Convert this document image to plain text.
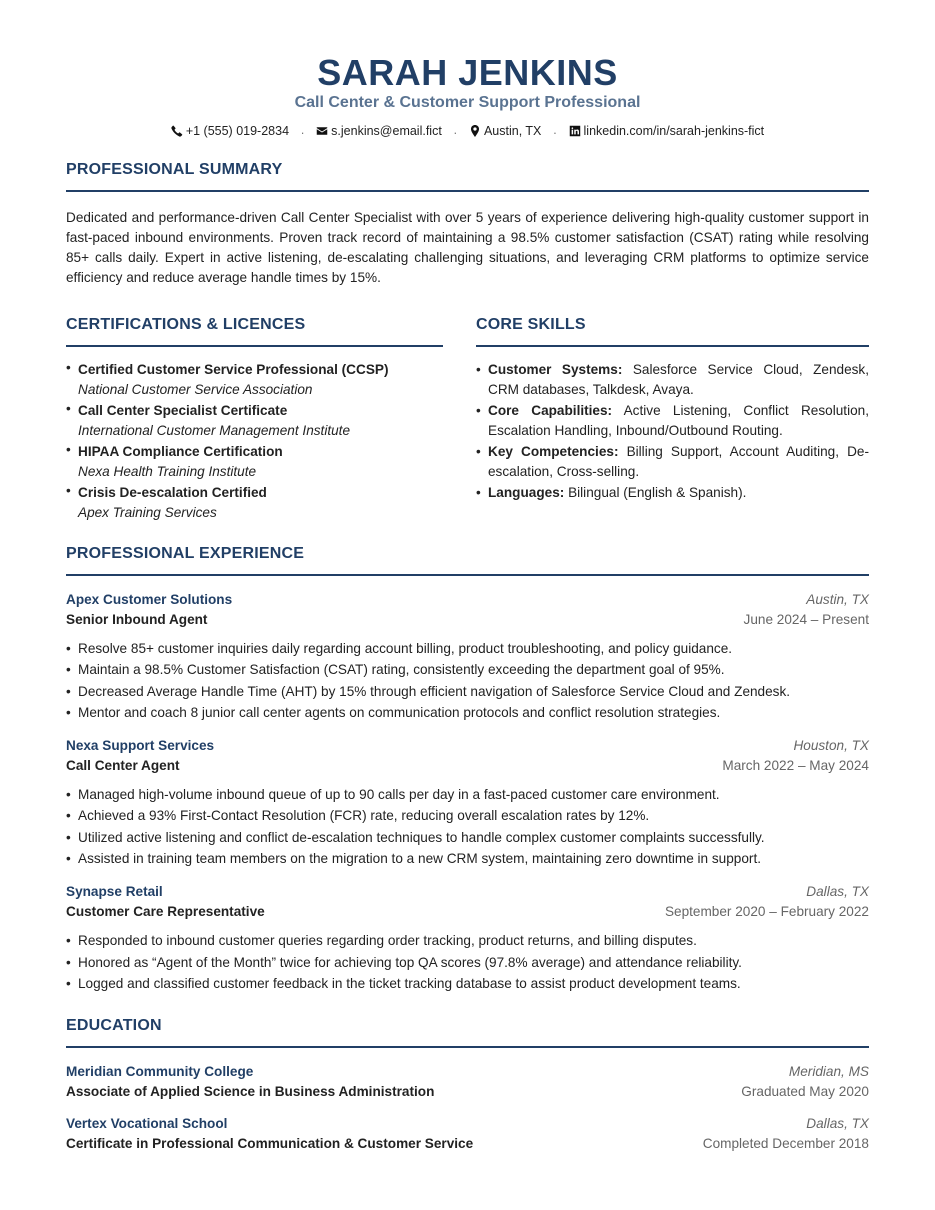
SARAH JENKINS
Call Center & Customer Support Professional
+1 (555) 019-2834 · s.jenkins@email.fict · Austin, TX · linkedin.com/in/sarah-jenkins-fict
PROFESSIONAL SUMMARY

Dedicated and performance-driven Call Center Specialist with over 5 years of experience delivering high-quality customer support in fast-paced inbound environments. Proven track record of maintaining a 98.5% customer satisfaction (CSAT) rating while resolving 85+ calls daily. Expert in active listening, de-escalating challenging situations, and leveraging CRM platforms to optimize service efficiency and reduce average handle times by 15%.

CERTIFICATIONS & LICENCES
• Certified Customer Service Professional (CCSP)
National Customer Service Association
• Call Center Specialist Certificate
International Customer Management Institute
• HIPAA Compliance Certification
Nexa Health Training Institute
• Crisis De-escalation Certified
Apex Training Services
CORE SKILLS
• Customer Systems: Salesforce Service Cloud, Zendesk, CRM databases, Talkdesk, Avaya.
• Core Capabilities: Active Listening, Conflict Resolution, Escalation Handling, Inbound/Outbound Routing.
• Key Competencies: Billing Support, Account Auditing, De-escalation, Cross-selling.
• Languages: Bilingual (English & Spanish).
PROFESSIONAL EXPERIENCE
Apex Customer Solutions	Austin, TX
Senior Inbound Agent	June 2024 – Present
• Resolve 85+ customer inquiries daily regarding account billing, product troubleshooting, and policy guidance.
• Maintain a 98.5% Customer Satisfaction (CSAT) rating, consistently exceeding the department goal of 95%.
• Decreased Average Handle Time (AHT) by 15% through efficient navigation of Salesforce Service Cloud and Zendesk.
• Mentor and coach 8 junior call center agents on communication protocols and conflict resolution strategies.
Nexa Support Services	Houston, TX
Call Center Agent	March 2022 – May 2024
• Managed high-volume inbound queue of up to 90 calls per day in a fast-paced customer care environment.
• Achieved a 93% First-Contact Resolution (FCR) rate, reducing overall escalation rates by 12%.
• Utilized active listening and conflict de-escalation techniques to handle complex customer complaints successfully.
• Assisted in training team members on the migration to a new CRM system, maintaining zero downtime in support.
Synapse Retail	Dallas, TX
Customer Care Representative	September 2020 – February 2022
• Responded to inbound customer queries regarding order tracking, product returns, and billing disputes.
• Honored as “Agent of the Month” twice for achieving top QA scores (97.8% average) and attendance reliability.
• Logged and classified customer feedback in the ticket tracking database to assist product development teams.
EDUCATION
Meridian Community College	Meridian, MS
Associate of Applied Science in Business Administration	Graduated May 2020
Vertex Vocational School	Dallas, TX
Certificate in Professional Communication & Customer Service	Completed December 2018
